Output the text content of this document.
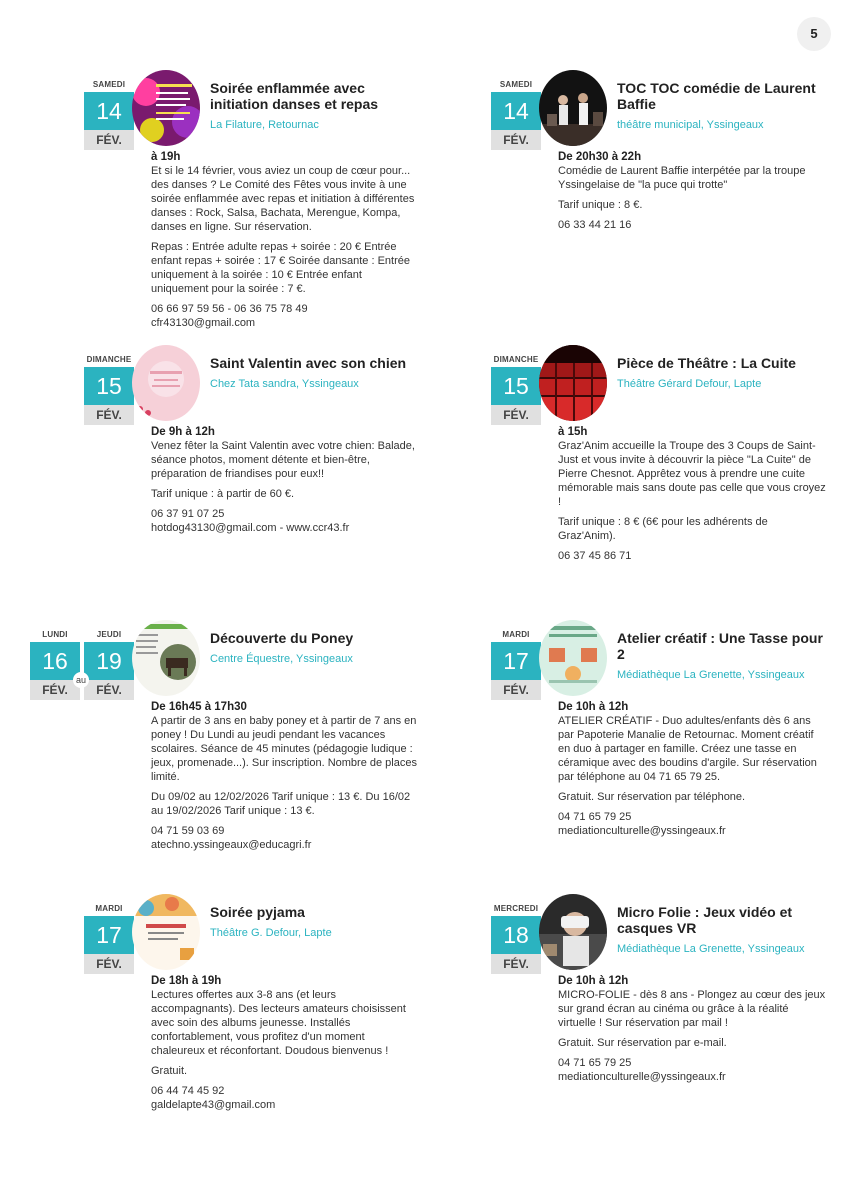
5
SAMEDI
14
FÉV.
Soirée enflammée avec initiation danses et repas
La Filature, Retournac
à 19h

Et si le 14 février, vous aviez un coup de cœur pour... des danses ? Le Comité des Fêtes vous invite à une soirée enflammée avec repas et initiation à différentes danses : Rock, Salsa, Bachata, Merengue, Kompa, danses en ligne. Sur réservation.

Repas : Entrée adulte repas + soirée : 20 € Entrée enfant repas + soirée : 17 € Soirée dansante : Entrée uniquement à la soirée : 10 € Entrée enfant uniquement pour la soirée : 7 €.

06 66 97 59 56 - 06 36 75 78 49
cfr43130@gmail.com

SAMEDI
14
FÉV.
TOC TOC comédie de Laurent Baffie
théâtre municipal, Yssingeaux
De 20h30 à 22h

Comédie de Laurent Baffie interpétée par la troupe Yssingelaise de "la puce qui trotte"

Tarif unique : 8 €.

06 33 44 21 16

DIMANCHE
15
FÉV.
Saint Valentin avec son chien
Chez Tata sandra, Yssingeaux
De 9h à 12h

Venez fêter la Saint Valentin avec votre chien: Balade, séance photos, moment détente et bien-être, préparation de friandises pour eux!!

Tarif unique : à partir de 60 €.

06 37 91 07 25
hotdog43130@gmail.com - www.ccr43.fr

DIMANCHE
15
FÉV.
Pièce de Théâtre : La Cuite
Théâtre Gérard Defour, Lapte
à 15h

Graz'Anim accueille la Troupe des 3 Coups de Saint-Just et vous invite à découvrir la pièce "La Cuite" de Pierre Chesnot. Apprêtez vous à prendre une cuite mémorable mais sans doute pas celle que vous croyez !

Tarif unique : 8 € (6€ pour les adhérents de Graz'Anim).

06 37 45 86 71

LUNDI
16
FÉV.
au
JEUDI
19
FÉV.
Découverte du Poney
Centre Équestre, Yssingeaux
De 16h45 à 17h30

A partir de 3 ans en baby poney et à partir de 7 ans en poney ! Du Lundi au jeudi pendant les vacances scolaires. Séance de 45 minutes (pédagogie ludique : jeux, promenade...). Sur inscription. Nombre de places limité.

Du 09/02 au 12/02/2026 Tarif unique : 13 €. Du 16/02 au 19/02/2026 Tarif unique : 13 €.

04 71 59 03 69
atechno.yssingeaux@educagri.fr

MARDI
17
FÉV.
Atelier créatif : Une Tasse pour 2
Médiathèque La Grenette, Yssingeaux
De 10h à 12h

ATELIER CRÉATIF - Duo adultes/enfants dès 6 ans par Papoterie Manalie de Retournac. Moment créatif en duo à partager en famille. Créez une tasse en céramique avec des boudins d'argile. Sur réservation par téléphone au 04 71 65 79 25.

Gratuit. Sur réservation par téléphone.

04 71 65 79 25
mediationculturelle@yssingeaux.fr

MARDI
17
FÉV.
Soirée pyjama
Théâtre G. Defour, Lapte
De 18h à 19h

Lectures offertes aux 3-8 ans (et leurs accompagnants). Des lecteurs amateurs choisissent avec soin des albums jeunesse. Installés confortablement, vous profitez d'un moment chaleureux et réconfortant. Doudous bienvenus !

Gratuit.

06 44 74 45 92
galdelapte43@gmail.com

MERCREDI
18
FÉV.
Micro Folie : Jeux vidéo et casques VR
Médiathèque La Grenette, Yssingeaux
De 10h à 12h

MICRO-FOLIE - dès 8 ans - Plongez au cœur des jeux sur grand écran au cinéma ou grâce à la réalité virtuelle ! Sur réservation par mail !

Gratuit. Sur réservation par e-mail.

04 71 65 79 25
mediationculturelle@yssingeaux.fr
